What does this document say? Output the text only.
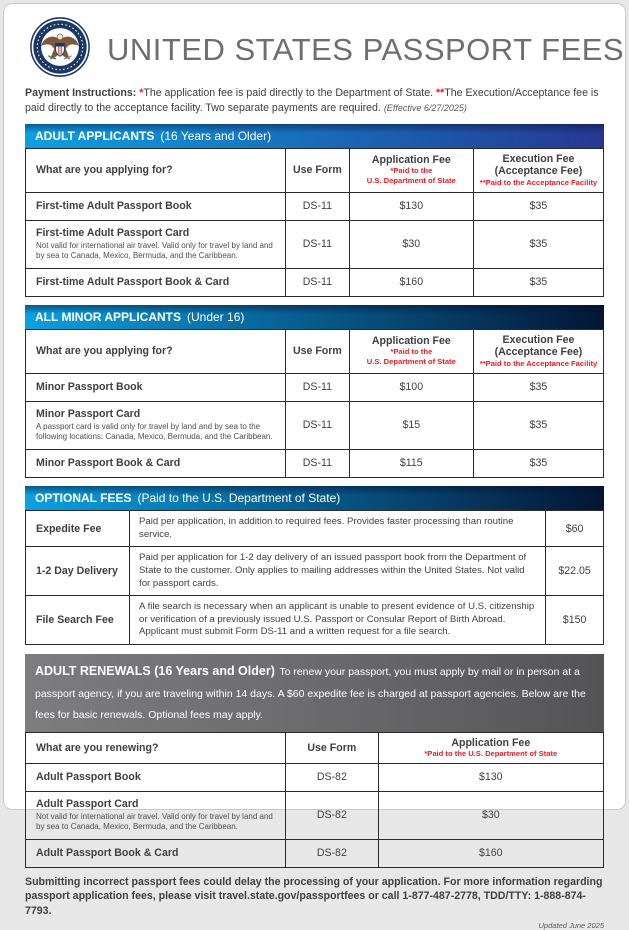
UNITED STATES PASSPORT FEES

Payment Instructions: *The application fee is paid directly to the Department of State. **The Execution/Acceptance fee is paid directly to the acceptance facility. Two separate payments are required. (Effective 6/27/2025)

ADULT APPLICANTS (16 Years and Older)
What are you applying for?	Use Form	Application Fee
*Paid to the
U.S. Department of State	Execution Fee
(Acceptance Fee)
**Paid to the Acceptance Facility

First-time Adult Passport Book	DS-11	$130	$35

First-time Adult Passport Card
Not valid for international air travel. Valid only for travel by land and by sea to Canada, Mexico, Bermuda, and the Caribbean.	DS-11	$30	$35

First-time Adult Passport Book & Card	DS-11	$160	$35
ALL MINOR APPLICANTS (Under 16)
What are you applying for?	Use Form	Application Fee
*Paid to the
U.S. Department of State	Execution Fee
(Acceptance Fee)
**Paid to the Acceptance Facility

Minor Passport Book	DS-11	$100	$35

Minor Passport Card
A passport card is valid only for travel by land and by sea to the following locations: Canada, Mexico, Bermuda, and the Caribbean.	DS-11	$15	$35

Minor Passport Book & Card	DS-11	$115	$35
OPTIONAL FEES (Paid to the U.S. Department of State)
Expedite Fee	Paid per application, in addition to required fees. Provides faster processing than routine service.	$60
1-2 Day Delivery	Paid per application for 1-2 day delivery of an issued passport book from the Department of State to the customer. Only applies to mailing addresses within the United States. Not valid for passport cards.	$22.05
File Search Fee	A file search is necessary when an applicant is unable to present evidence of U.S. citizenship or verification of a previously issued U.S. Passport or Consular Report of Birth Abroad. Applicant must submit Form DS-11 and a written request for a file search.	$150
ADULT RENEWALS (16 Years and Older) To renew your passport, you must apply by mail or in person at a passport agency, if you are traveling within 14 days. A $60 expedite fee is charged at passport agencies. Below are the fees for basic renewals. Optional fees may apply.
What are you renewing?	Use Form	Application Fee
*Paid to the U.S. Department of State

Adult Passport Book	DS-82	$130

Adult Passport Card
Not valid for international air travel. Valid only for travel by land and by sea to Canada, Mexico, Bermuda, and the Caribbean.	DS-82	$30

Adult Passport Book & Card	DS-82	$160

Submitting incorrect passport fees could delay the processing of your application. For more information regarding passport application fees, please visit travel.state.gov/passportfees or call 1-877-487-2778, TDD/TTY: 1-888-874-7793.

Updated June 2025
